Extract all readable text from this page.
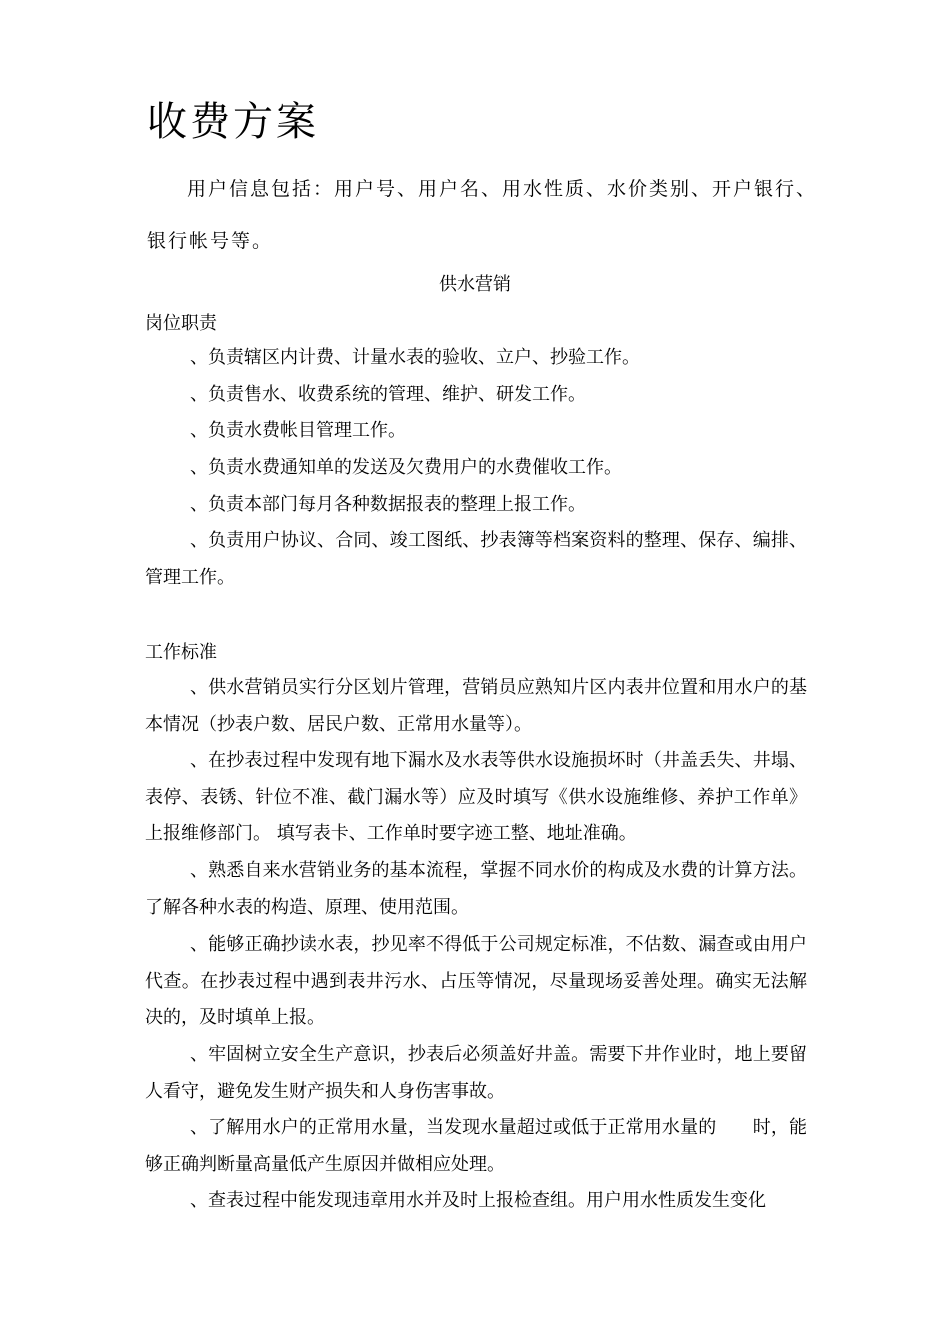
收费方案
用户信息包括：用户号、用户名、用水性质、水价类别、开户银行、
银行帐号等。
供水营销
岗位职责
、负责辖区内计费、计量水表的验收、立户、抄验工作。
、负责售水、收费系统的管理、维护、研发工作。
、负责水费帐目管理工作。
、负责水费通知单的发送及欠费用户的水费催收工作。
、负责本部门每月各种数据报表的整理上报工作。
、负责用户协议、合同、竣工图纸、抄表簿等档案资料的整理、保存、编排、管理工作。
工作标准
、供水营销员实行分区划片管理，营销员应熟知片区内表井位置和用水户的基本情况（抄表户数、居民户数、正常用水量等）。
、在抄表过程中发现有地下漏水及水表等供水设施损坏时（井盖丢失、井塌、表停、表锈、针位不准、截门漏水等）应及时填写《供水设施维修、养护工作单》上报维修部门。 填写表卡、工作单时要字迹工整、地址准确。
、熟悉自来水营销业务的基本流程，掌握不同水价的构成及水费的计算方法。了解各种水表的构造、原理、使用范围。
、能够正确抄读水表，抄见率不得低于公司规定标准，不估数、漏查或由用户代查。在抄表过程中遇到表井污水、占压等情况，尽量现场妥善处理。确实无法解决的，及时填单上报。
、牢固树立安全生产意识，抄表后必须盖好井盖。需要下井作业时，地上要留人看守，避免发生财产损失和人身伤害事故。
、了解用水户的正常用水量，当发现水量超过或低于正常用水量的　　时，能够正确判断量高量低产生原因并做相应处理。
、查表过程中能发现违章用水并及时上报检查组。用户用水性质发生变化
